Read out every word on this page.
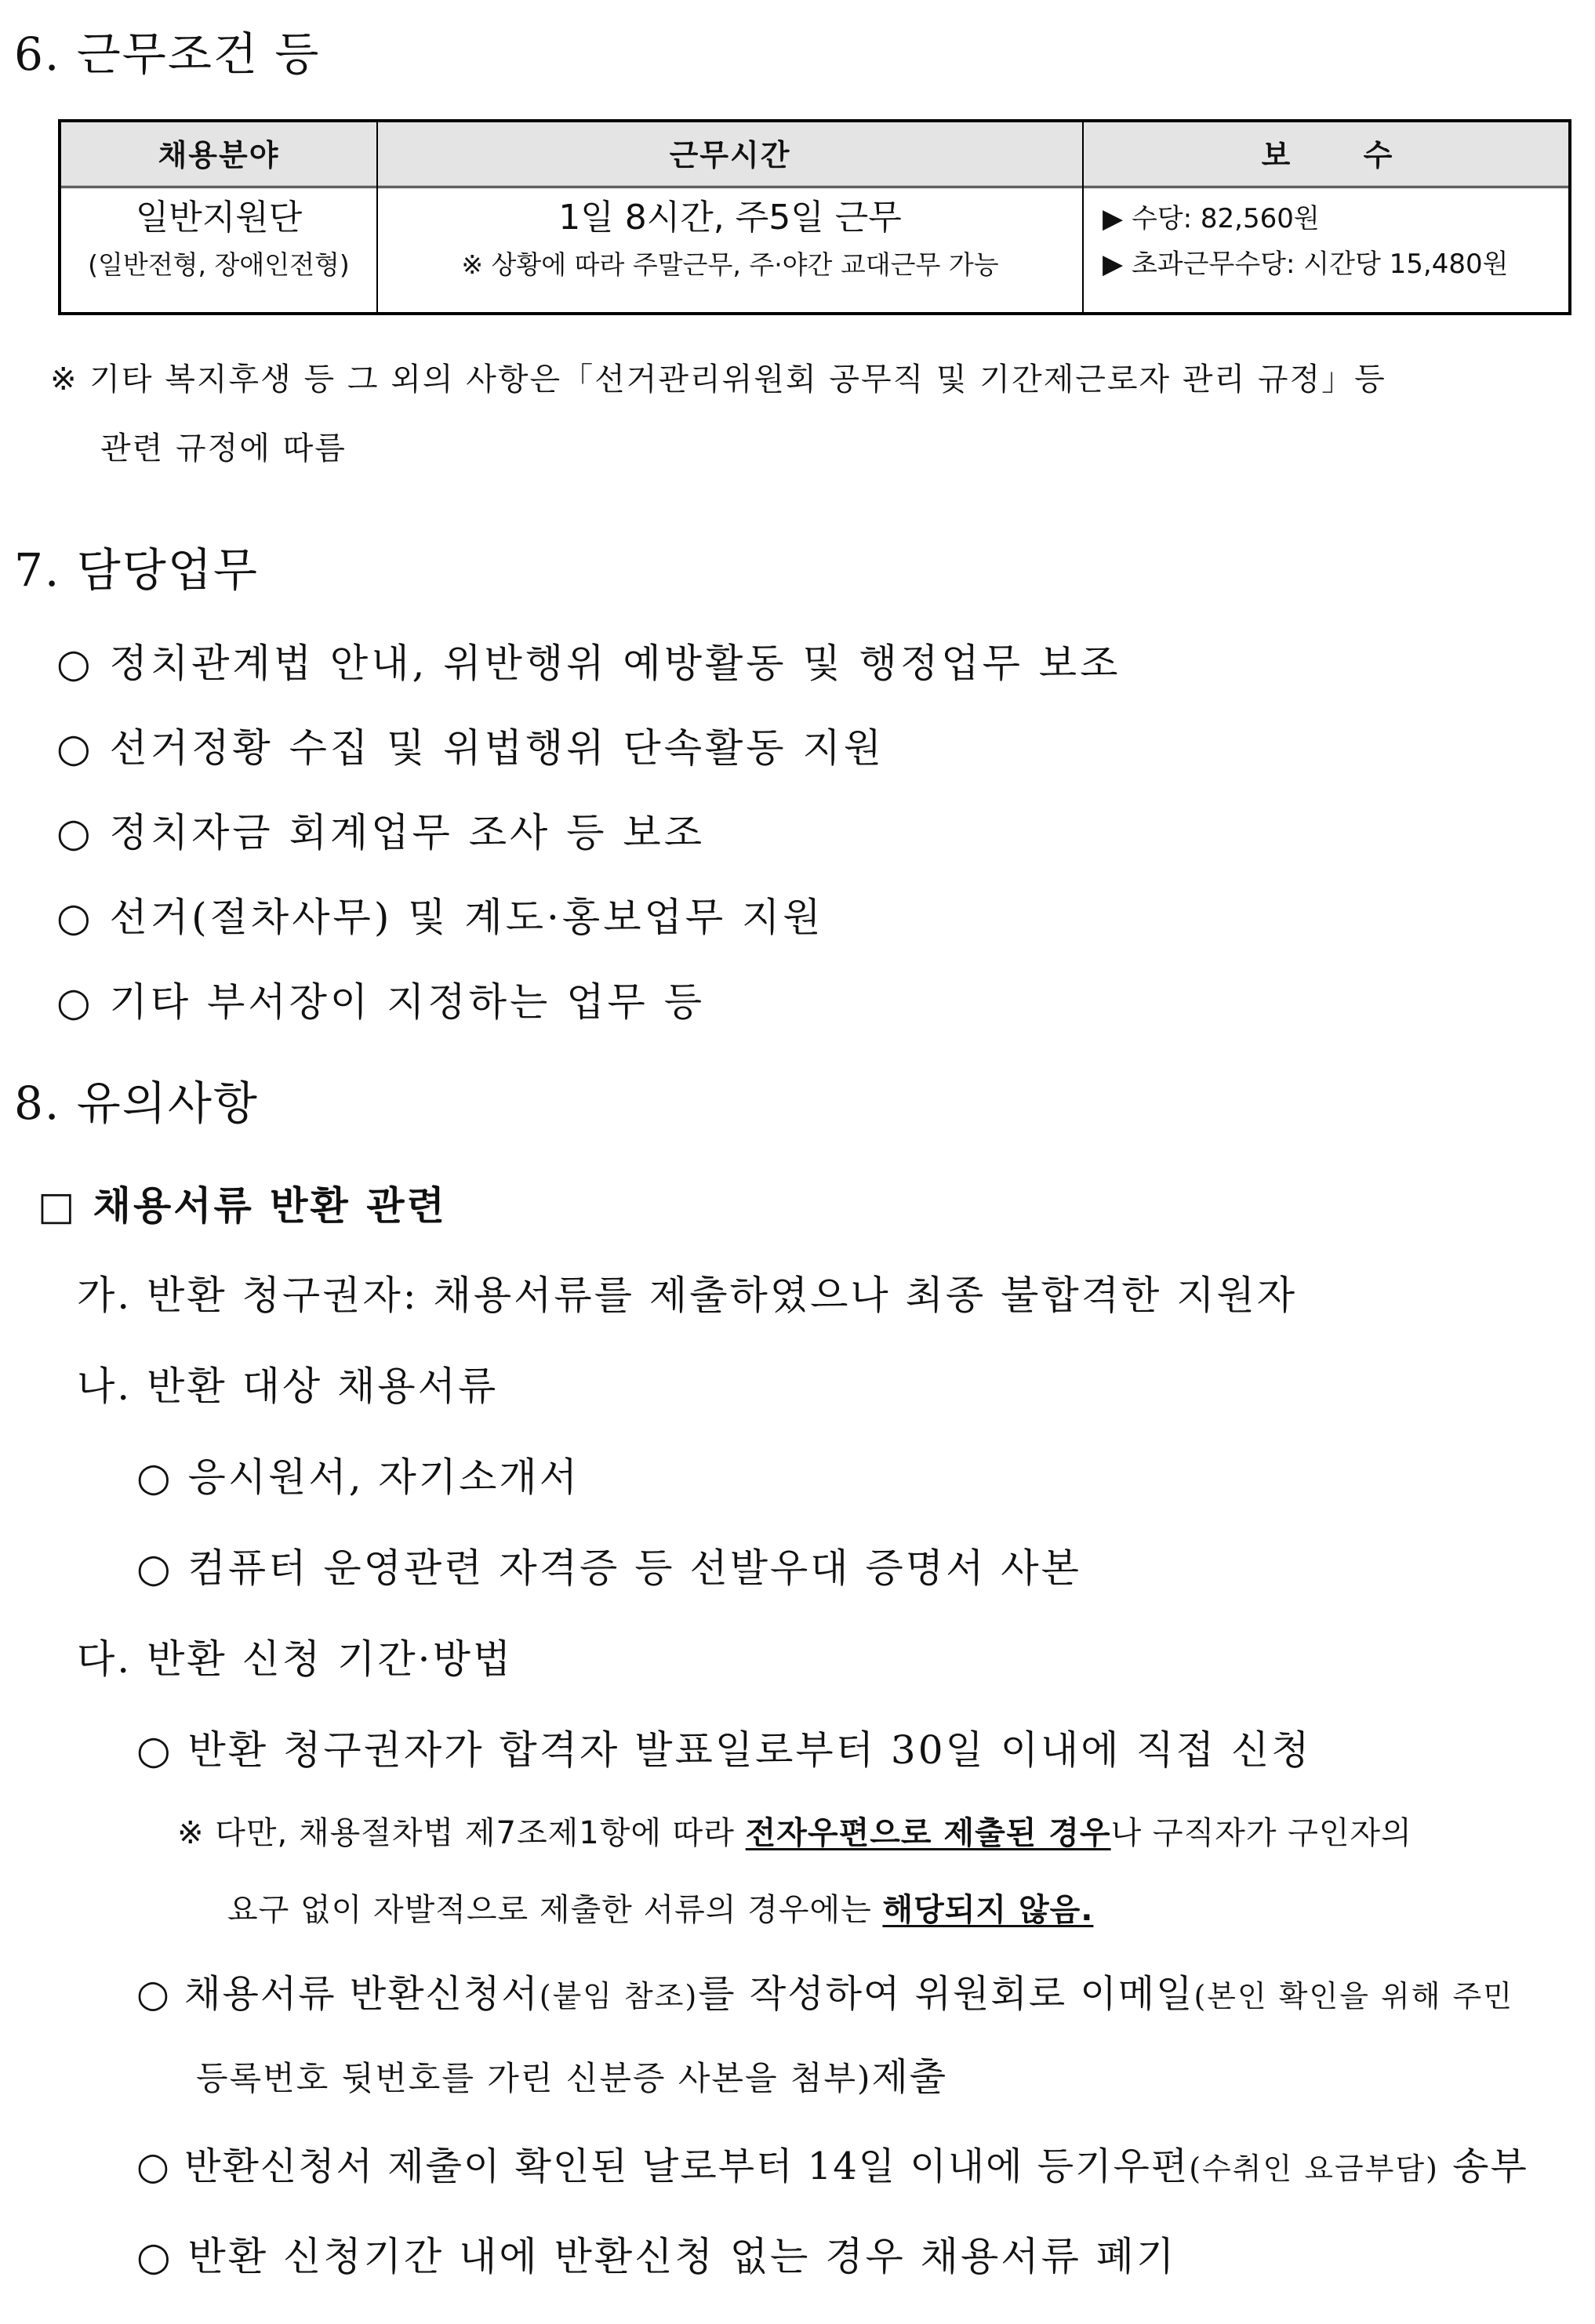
6. 근무조건 등
채용분야	근무시간	보      수
일반지원단
(일반전형, 장애인전형)
1일 8시간, 주5일 근무
※ 상황에 따라 주말근무, 주·야간 교대근무 가능
▶ 수당: 82,560원
▶ 초과근무수당: 시간당 15,480원
※ 기타 복지후생 등 그 외의 사항은「선거관리위원회 공무직 및 기간제근로자 관리 규정」등
관련 규정에 따름
7. 담당업무
○ 정치관계법 안내, 위반행위 예방활동 및 행정업무 보조
○ 선거정황 수집 및 위법행위 단속활동 지원
○ 정치자금 회계업무 조사 등 보조
○ 선거(절차사무) 및 계도·홍보업무 지원
○ 기타 부서장이 지정하는 업무 등
8. 유의사항
□ 채용서류 반환 관련
가. 반환 청구권자: 채용서류를 제출하였으나 최종 불합격한 지원자
나. 반환 대상 채용서류
○ 응시원서, 자기소개서
○ 컴퓨터 운영관련 자격증 등 선발우대 증명서 사본
다. 반환 신청 기간·방법
○ 반환 청구권자가 합격자 발표일로부터 30일 이내에 직접 신청
※ 다만, 채용절차법 제7조제1항에 따라 전자우편으로 제출된 경우나 구직자가 구인자의
요구 없이 자발적으로 제출한 서류의 경우에는 해당되지 않음.
○ 채용서류 반환신청서(붙임 참조)를 작성하여 위원회로 이메일(본인 확인을 위해 주민
등록번호 뒷번호를 가린 신분증 사본을 첨부)제출
○ 반환신청서 제출이 확인된 날로부터 14일 이내에 등기우편(수취인 요금부담) 송부
○ 반환 신청기간 내에 반환신청 없는 경우 채용서류 폐기
